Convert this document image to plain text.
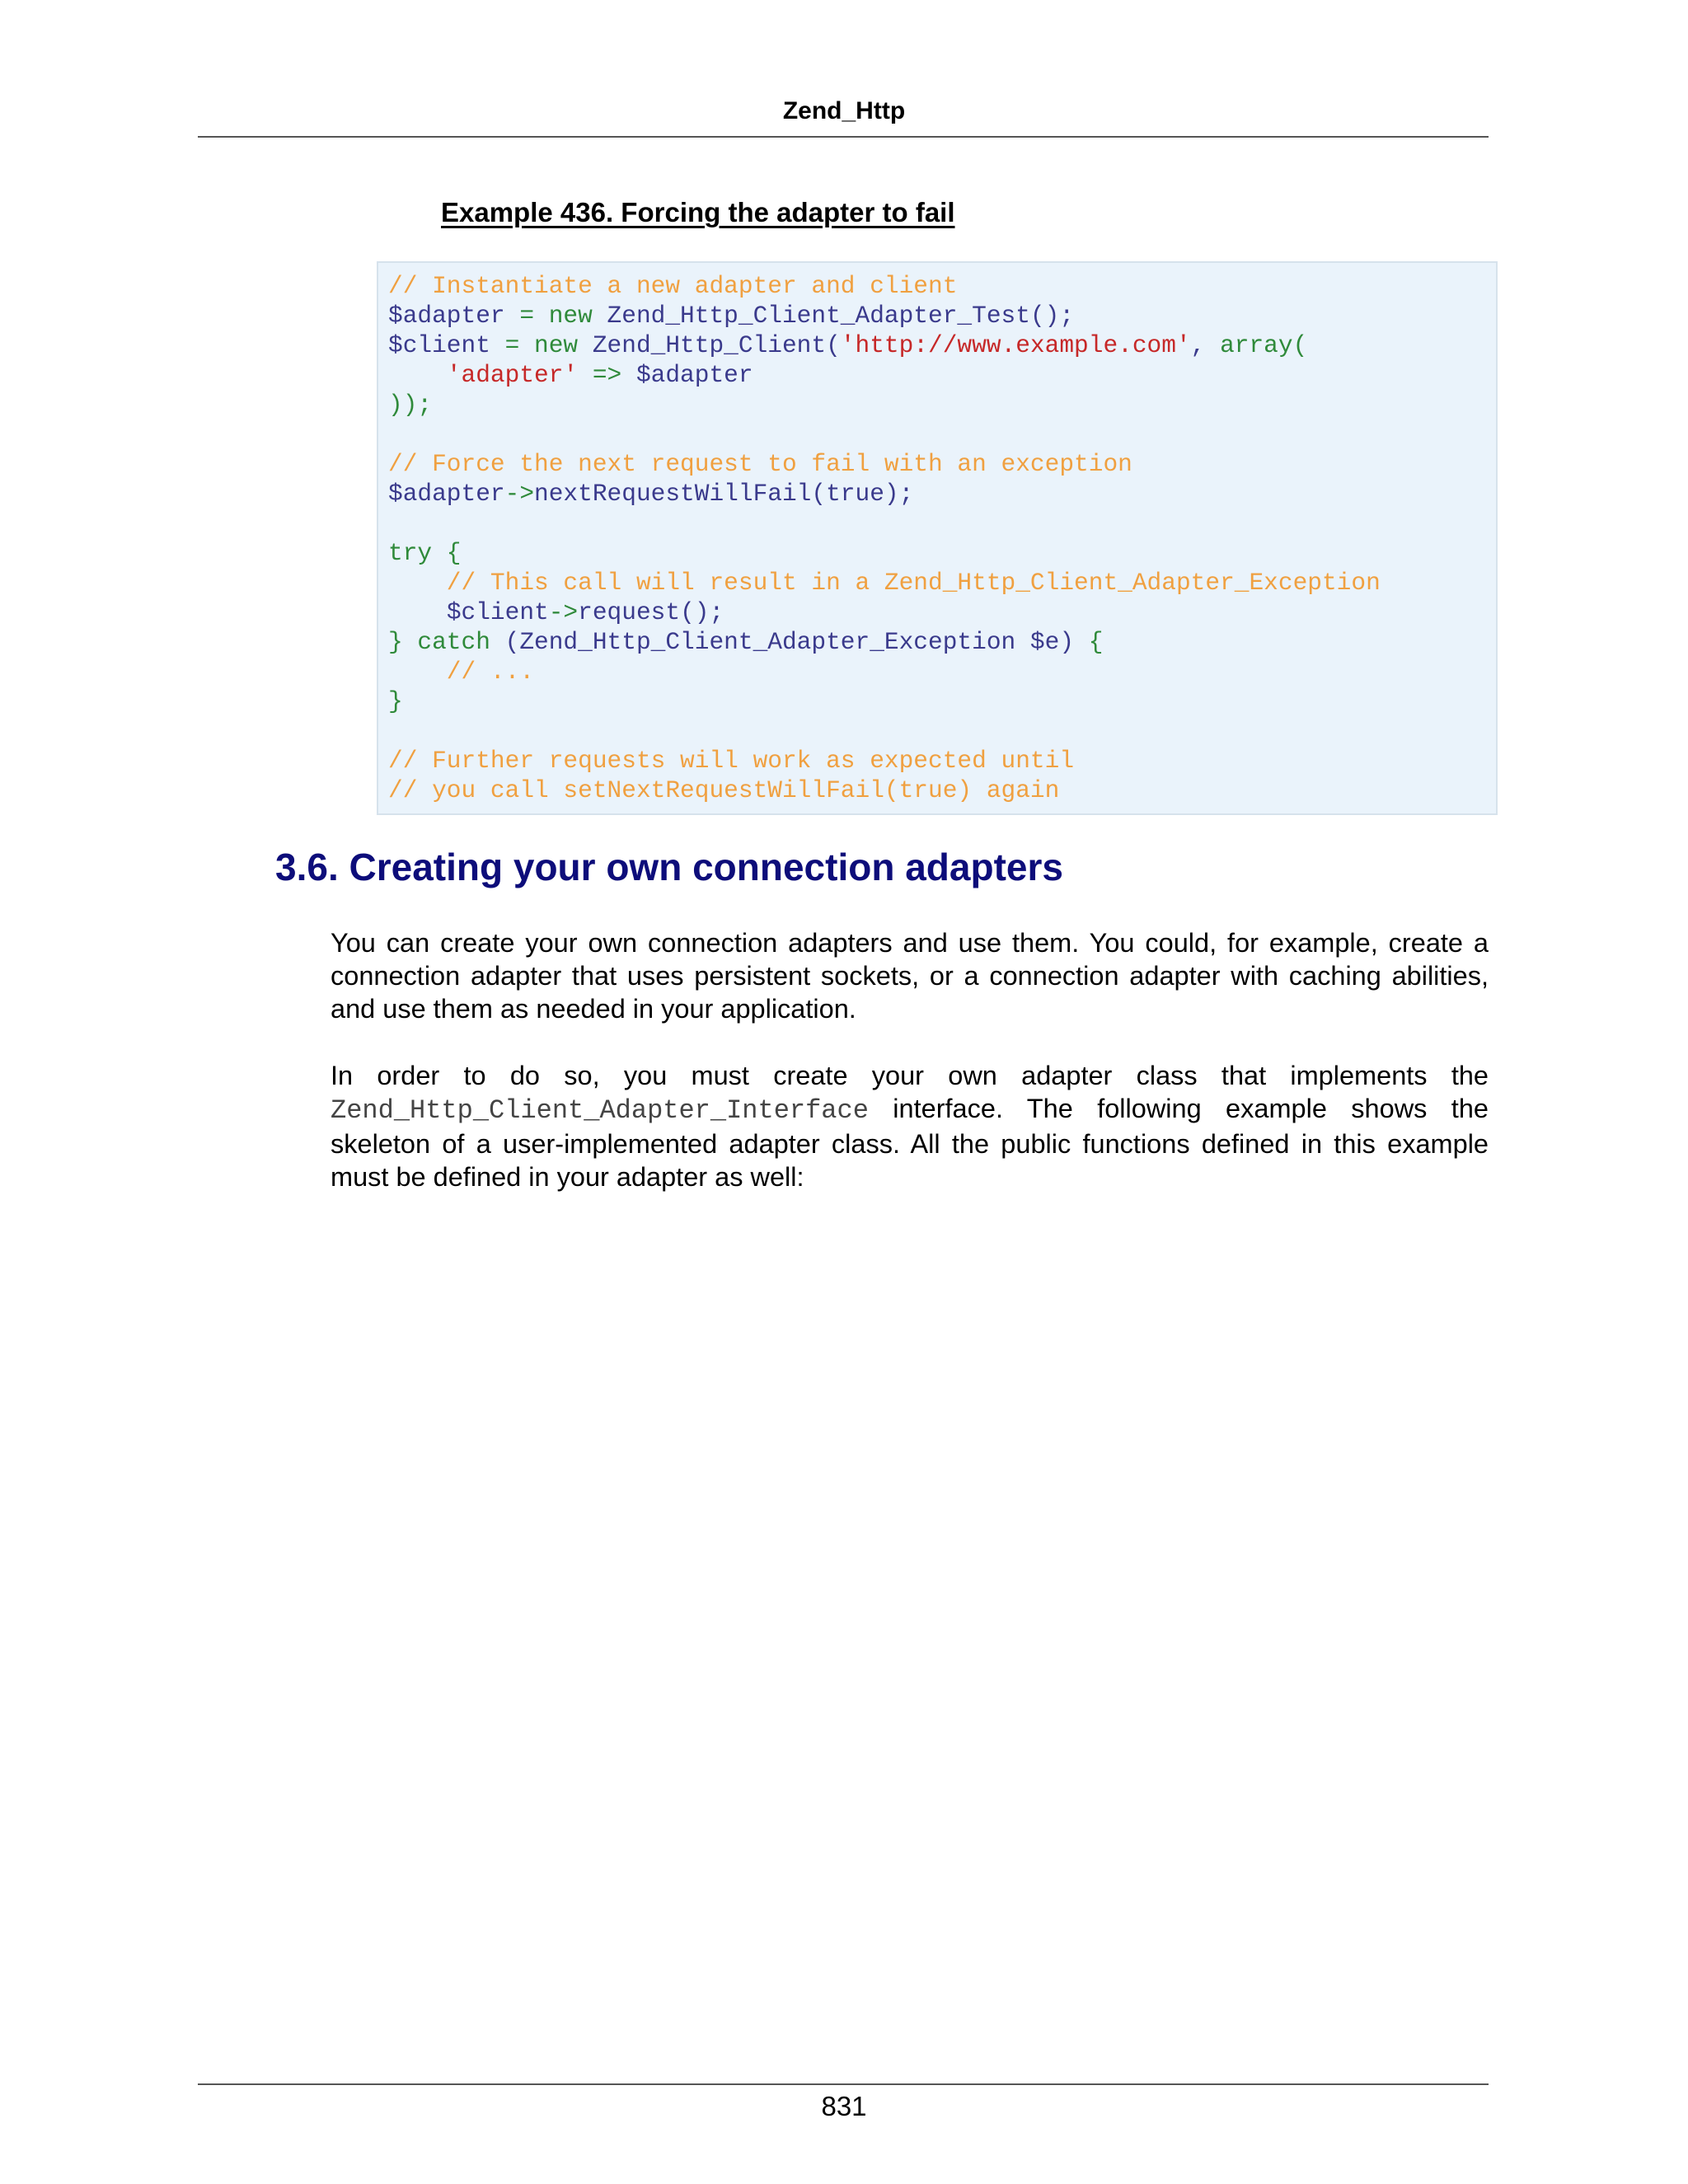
Zend_Http
Example 436. Forcing the adapter to fail
// Instantiate a new adapter and client
$adapter = new Zend_Http_Client_Adapter_Test();
$client = new Zend_Http_Client('http://www.example.com', array(
'adapter' => $adapter
));

// Force the next request to fail with an exception
$adapter->nextRequestWillFail(true);

try {
// This call will result in a Zend_Http_Client_Adapter_Exception
$client->request();
} catch (Zend_Http_Client_Adapter_Exception $e) {
// ...
}

// Further requests will work as expected until
// you call setNextRequestWillFail(true) again
3.6. Creating your own connection adapters

You can create your own connection adapters and use them. You could, for example, create a connection adapter that uses persistent sockets, or a connection adapter with caching abilities, and use them as needed in your application.

In order to do so, you must create your own adapter class that implements the Zend_Http_Client_Adapter_Interface interface. The following example shows the skeleton of a user-implemented adapter class. All the public functions defined in this example must be defined in your adapter as well:

831
